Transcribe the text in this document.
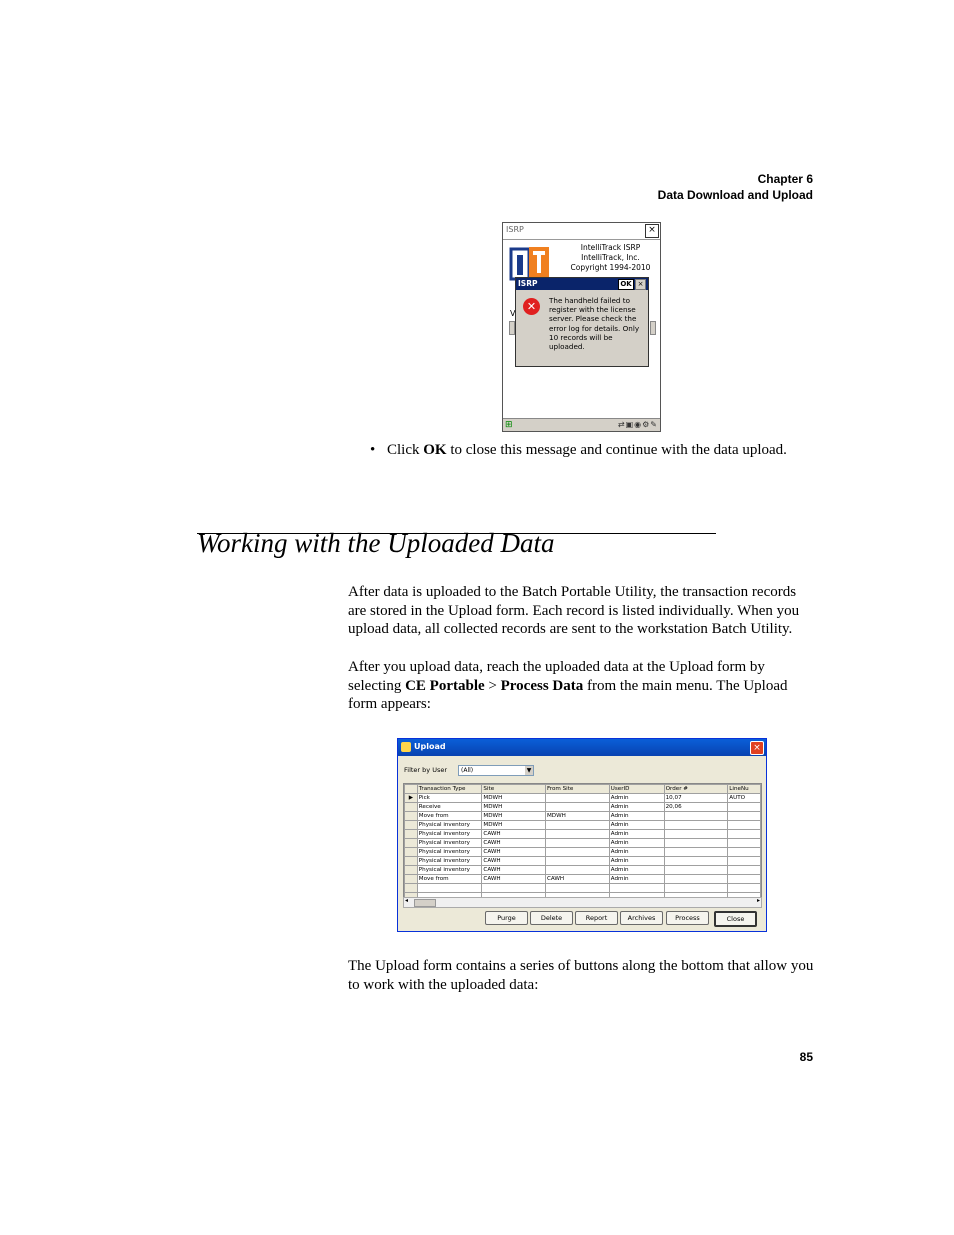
Chapter 6
Data Download and Upload
ISRP	×
IntelliTrack ISRP
IntelliTrack, Inc.
Copyright 1994-2010
V
ISRP	OK ×
✕	The handheld failed to register with the license server. Please check the error log for details. Only 10 records will be uploaded.
⊞	⇄▣◉⚙✎
• Click OK to close this message and continue with the data upload.
Working with the Uploaded Data
After data is uploaded to the Batch Portable Utility, the transaction records are stored in the Upload form. Each record is listed individually. When you upload data, all collected records are sent to the workstation Batch Utility.
After you upload data, reach the uploaded data at the Upload form by selecting CE Portable > Process Data from the main menu. The Upload form appears:
Upload	×
Filter by User (All)	▼
	Transaction Type	Site	From Site	UserID	Order #	LineNu
▶	Pick	MDWH		Admin	10,07	AUTO
	Receive	MDWH		Admin	20,06	
	Move from	MDWH	MDWH	Admin		
	Physical inventory	MDWH		Admin		
	Physical inventory	CAWH		Admin		
	Physical inventory	CAWH		Admin		
	Physical inventory	CAWH		Admin		
	Physical inventory	CAWH		Admin		
	Physical inventory	CAWH		Admin		
	Move from	CAWH	CAWH	Admin		

◂	▸
Purge	Delete	Report	Archives	Process	Close
The Upload form contains a series of buttons along the bottom that allow you to work with the uploaded data:
85
